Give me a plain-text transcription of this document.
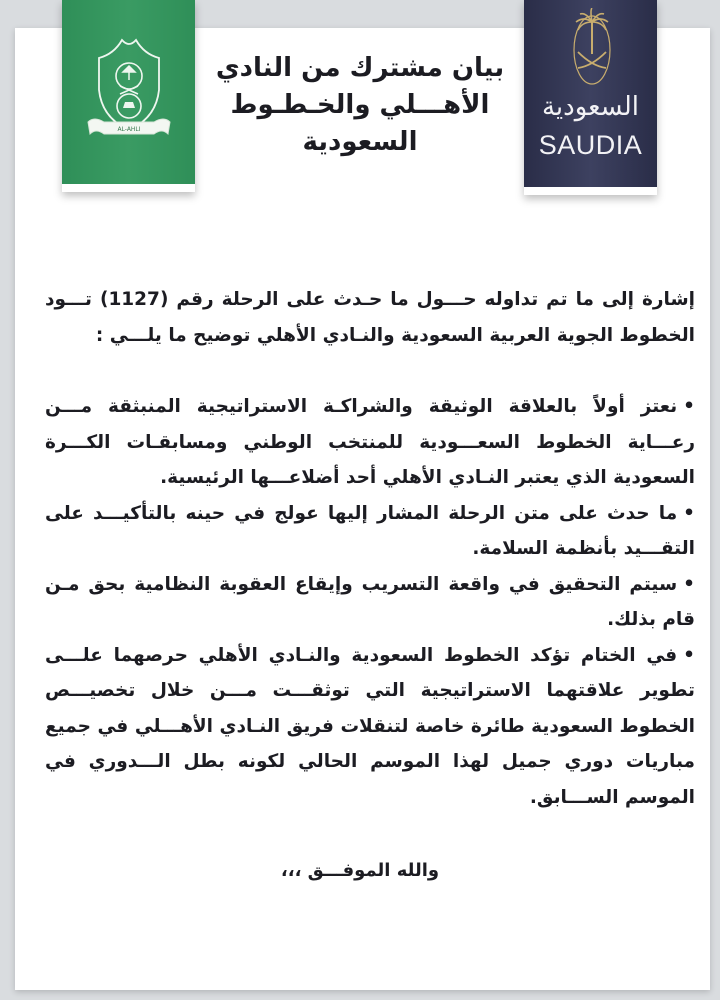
AL-AHLI
بيان مشترك من النادي
الأهـــلي والخـطـوط
السعودية
السعودية
SAUDIA

إشارة إلى ما تم تداوله حـــول ما حـدث على الرحلة رقم (1127) تـــود الخطوط الجوية العربية السعودية والنـادي الأهلي توضيح ما يلـــي :

•نعتز أولاً بالعلاقة الوثيقة والشراكـة الاستراتيجية المنبثقة مـــن رعـــاية الخطوط السعـــودية للمنتخب الوطني ومسابقـات الكـــرة السعودية الذي يعتبر النـادي الأهلي أحد أضلاعـــها الرئيسية.

•ما حدث على متن الرحلة المشار إليها عولج في حينه بالتأكيـــد على التقـــيد بأنظمة السلامة.

•سيتم التحقيق في واقعة التسريب وإيقاع العقوبة النظامية بحق مـن قام بذلك.

•في الختام تؤكد الخطوط السعودية والنـادي الأهلي حرصهما علـــى تطوير علاقتهما الاستراتيجية التي توثقـــت مـــن خلال تخصيـــص الخطوط السعودية طائرة خاصة لتنقلات فريق النـادي الأهـــلي في جميع مباريات دوري جميل لهذا الموسم الحالي لكونه بطل الـــدوري في الموسم الســـابق.

والله الموفـــق ،،،
